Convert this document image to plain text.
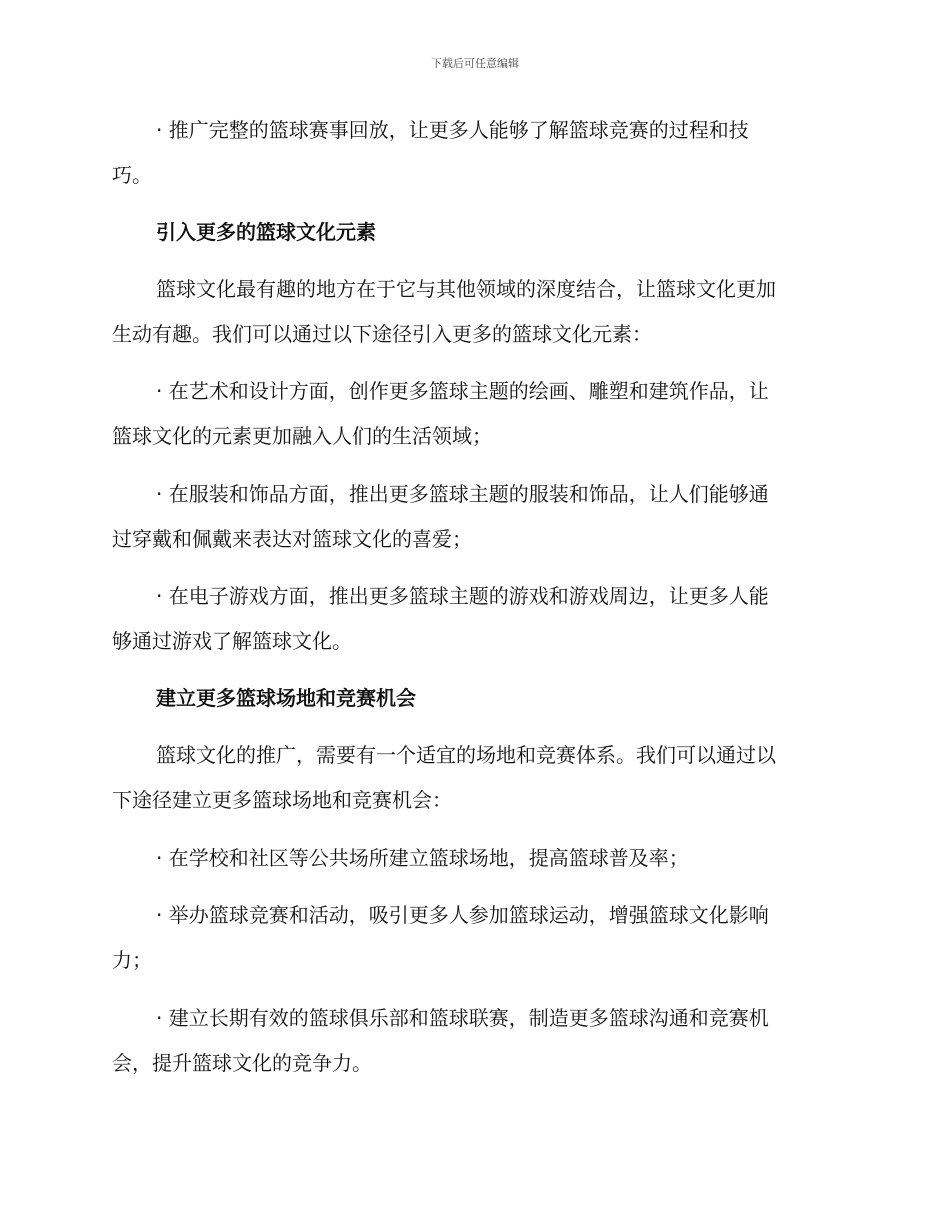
下载后可任意编辑
· 推广完整的篮球赛事回放，让更多人能够了解篮球竞赛的过程和技
巧。
引入更多的篮球文化元素
篮球文化最有趣的地方在于它与其他领域的深度结合，让篮球文化更加
生动有趣。我们可以通过以下途径引入更多的篮球文化元素：
· 在艺术和设计方面，创作更多篮球主题的绘画、雕塑和建筑作品，让
篮球文化的元素更加融入人们的生活领域；
· 在服装和饰品方面，推出更多篮球主题的服装和饰品，让人们能够通
过穿戴和佩戴来表达对篮球文化的喜爱；
· 在电子游戏方面，推出更多篮球主题的游戏和游戏周边，让更多人能
够通过游戏了解篮球文化。
建立更多篮球场地和竞赛机会
篮球文化的推广，需要有一个适宜的场地和竞赛体系。我们可以通过以
下途径建立更多篮球场地和竞赛机会：
· 在学校和社区等公共场所建立篮球场地，提高篮球普及率；
· 举办篮球竞赛和活动，吸引更多人参加篮球运动，增强篮球文化影响
力；
· 建立长期有效的篮球俱乐部和篮球联赛，制造更多篮球沟通和竞赛机
会，提升篮球文化的竞争力。
